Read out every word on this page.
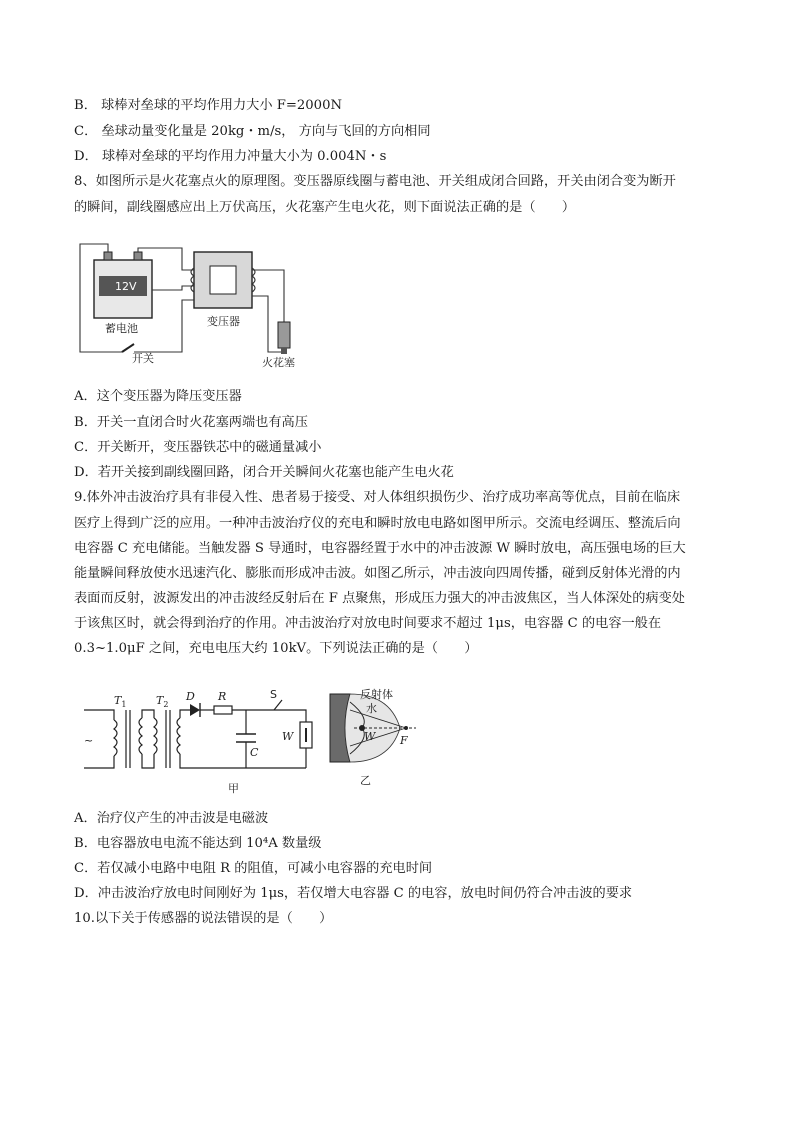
B． 球棒对垒球的平均作用力大小 F=2000N
C． 垒球动量变化量是 20kg・m/s， 方向与飞回的方向相同
D． 球棒对垒球的平均作用力冲量大小为 0.004N・s
8、如图所示是火花塞点火的原理图。变压器原线圈与蓄电池、开关组成闭合回路，开关由闭合变为断开
的瞬间，副线圈感应出上万伏高压，火花塞产生电火花，则下面说法正确的是（　　）
12V
蓄电池
变压器
开关	火花塞
A．这个变压器为降压变压器
B．开关一直闭合时火花塞两端也有高压
C．开关断开，变压器铁芯中的磁通量减小
D．若开关接到副线圈回路，闭合开关瞬间火花塞也能产生电火花
9.体外冲击波治疗具有非侵入性、患者易于接受、对人体组织损伤少、治疗成功率高等优点，目前在临床
医疗上得到广泛的应用。一种冲击波治疗仪的充电和瞬时放电电路如图甲所示。交流电经调压、整流后向
电容器 C 充电储能。当触发器 S 导通时，电容器经置于水中的冲击波源 W 瞬时放电，高压强电场的巨大
能量瞬间释放使水迅速汽化、膨胀而形成冲击波。如图乙所示，冲击波向四周传播，碰到反射体光滑的内
表面而反射，波源发出的冲击波经反射后在 F 点聚焦，形成压力强大的冲击波焦区，当人体深处的病变处
于该焦区时，就会得到治疗的作用。冲击波治疗对放电时间要求不超过 1μs，电容器 C 的电容一般在
0.3~1.0μF 之间，充电电压大约 10kV。下列说法正确的是（　　）
~
$T_1$	$T_2$
D R	S
C
W
甲
反射体
水
W F
乙
A．治疗仪产生的冲击波是电磁波
B．电容器放电电流不能达到 10⁴A 数量级
C．若仅减小电路中电阻 R 的阻值，可减小电容器的充电时间
D．冲击波治疗放电时间刚好为 1μs，若仅增大电容器 C 的电容，放电时间仍符合冲击波的要求
10.以下关于传感器的说法错误的是（　　）
